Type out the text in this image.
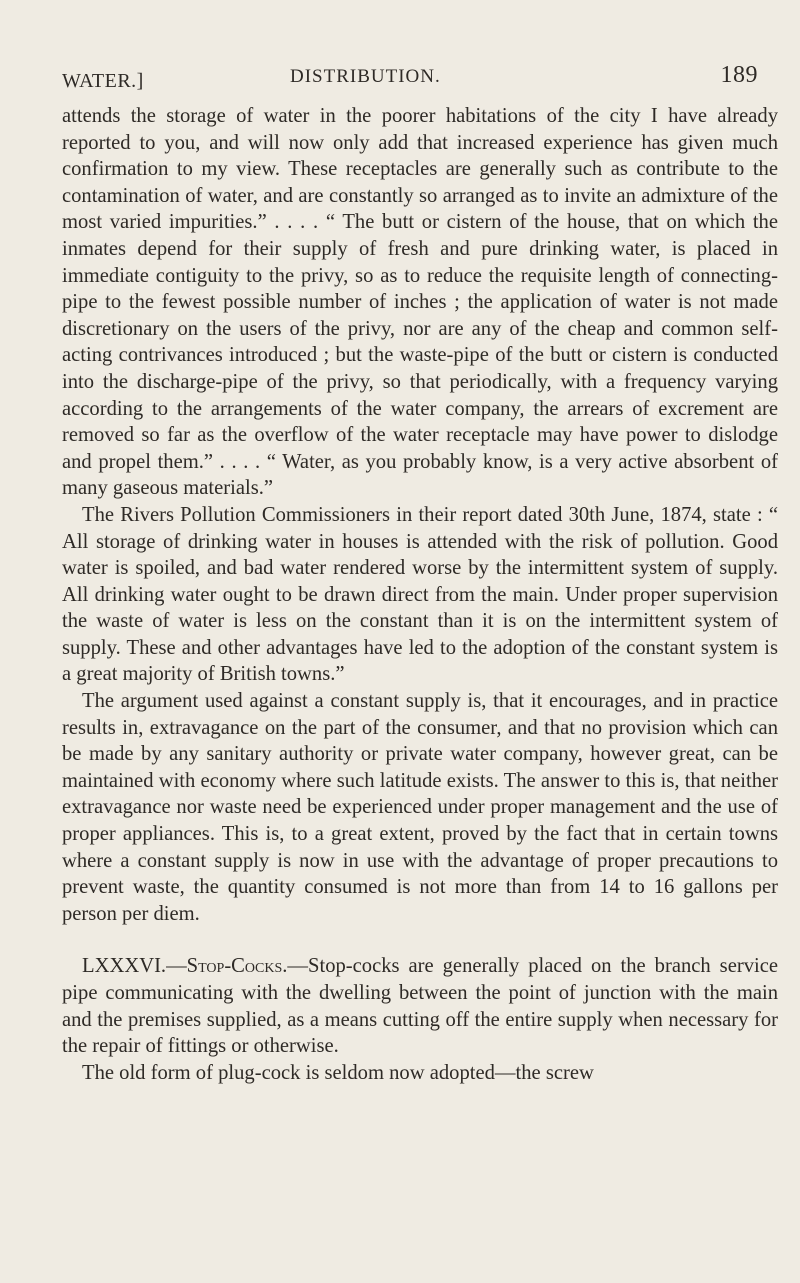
WATER.]	DISTRIBUTION.	189

attends the storage of water in the poorer habitations of the city I have already reported to you, and will now only add that increased experience has given much confirmation to my view. These receptacles are generally such as contribute to the contamination of water, and are constantly so arranged as to invite an admixture of the most varied impurities.” . . . . “ The butt or cistern of the house, that on which the inmates depend for their supply of fresh and pure drinking water, is placed in immediate contiguity to the privy, so as to reduce the requisite length of connecting-pipe to the fewest possible number of inches ; the application of water is not made discretionary on the users of the privy, nor are any of the cheap and common self-acting contrivances introduced ; but the waste-pipe of the butt or cistern is conducted into the discharge-pipe of the privy, so that periodically, with a frequency varying according to the arrangements of the water company, the arrears of excrement are removed so far as the overflow of the water receptacle may have power to dislodge and propel them.” . . . . “ Water, as you probably know, is a very active absorbent of many gaseous materials.”

The Rivers Pollution Commissioners in their report dated 30th June, 1874, state : “ All storage of drinking water in houses is attended with the risk of pollution. Good water is spoiled, and bad water rendered worse by the intermittent system of supply. All drinking water ought to be drawn direct from the main. Under proper supervision the waste of water is less on the constant than it is on the intermittent system of supply. These and other advantages have led to the adoption of the constant system is a great majority of British towns.”

The argument used against a constant supply is, that it encourages, and in practice results in, extravagance on the part of the consumer, and that no provision which can be made by any sanitary authority or private water company, however great, can be maintained with economy where such latitude exists. The answer to this is, that neither extravagance nor waste need be experienced under proper management and the use of proper appliances. This is, to a great extent, proved by the fact that in certain towns where a constant supply is now in use with the advantage of proper precautions to prevent waste, the quantity consumed is not more than from 14 to 16 gallons per person per diem.

LXXXVI.—Stop-Cocks.—Stop-cocks are generally placed on the branch service pipe communicating with the dwelling between the point of junction with the main and the premises supplied, as a means cutting off the entire supply when necessary for the repair of fittings or otherwise.

The old form of plug-cock is seldom now adopted—the screw
